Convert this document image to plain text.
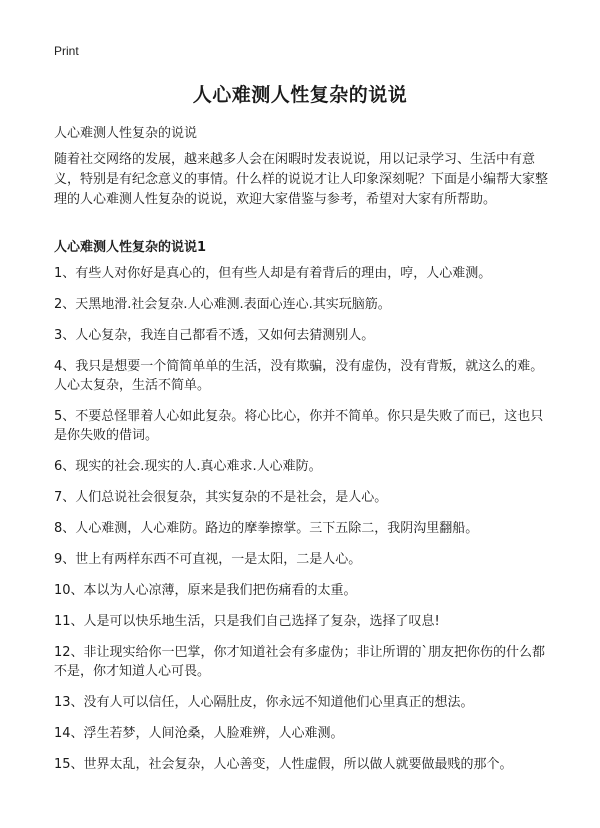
Print
人心难测人性复杂的说说
人心难测人性复杂的说说

随着社交网络的发展，越来越多人会在闲暇时发表说说，用以记录学习、生活中有意义，特别是有纪念意义的事情。什么样的说说才让人印象深刻呢？下面是小编帮大家整理的人心难测人性复杂的说说，欢迎大家借鉴与参考，希望对大家有所帮助。

人心难测人性复杂的说说1
1、有些人对你好是真心的，但有些人却是有着背后的理由，哼，人心难测。
2、天黑地滑.社会复杂.人心难测.表面心连心.其实玩脑筋。
3、人心复杂，我连自己都看不透，又如何去猜测别人。
4、我只是想要一个简简单单的生活，没有欺骗，没有虚伪，没有背叛，就这么的难。人心太复杂，生活不简单。
5、不要总怪罪着人心如此复杂。将心比心，你并不简单。你只是失败了而已，这也只是你失败的借词。
6、现实的社会.现实的人.真心难求.人心难防。
7、人们总说社会很复杂，其实复杂的不是社会，是人心。
8、人心难测，人心难防。路边的摩拳擦掌。三下五除二，我阴沟里翻船。
9、世上有两样东西不可直视，一是太阳，二是人心。
10、本以为人心凉薄，原来是我们把伤痛看的太重。
11、人是可以快乐地生活，只是我们自己选择了复杂，选择了叹息!
12、非让现实给你一巴掌，你才知道社会有多虚伪；非让所谓的`朋友把你伤的什么都不是，你才知道人心可畏。
13、没有人可以信任，人心隔肚皮，你永远不知道他们心里真正的想法。
14、浮生若梦，人间沧桑，人脸难辨，人心难测。
15、世界太乱，社会复杂，人心善变，人性虚假，所以做人就要做最贱的那个。
